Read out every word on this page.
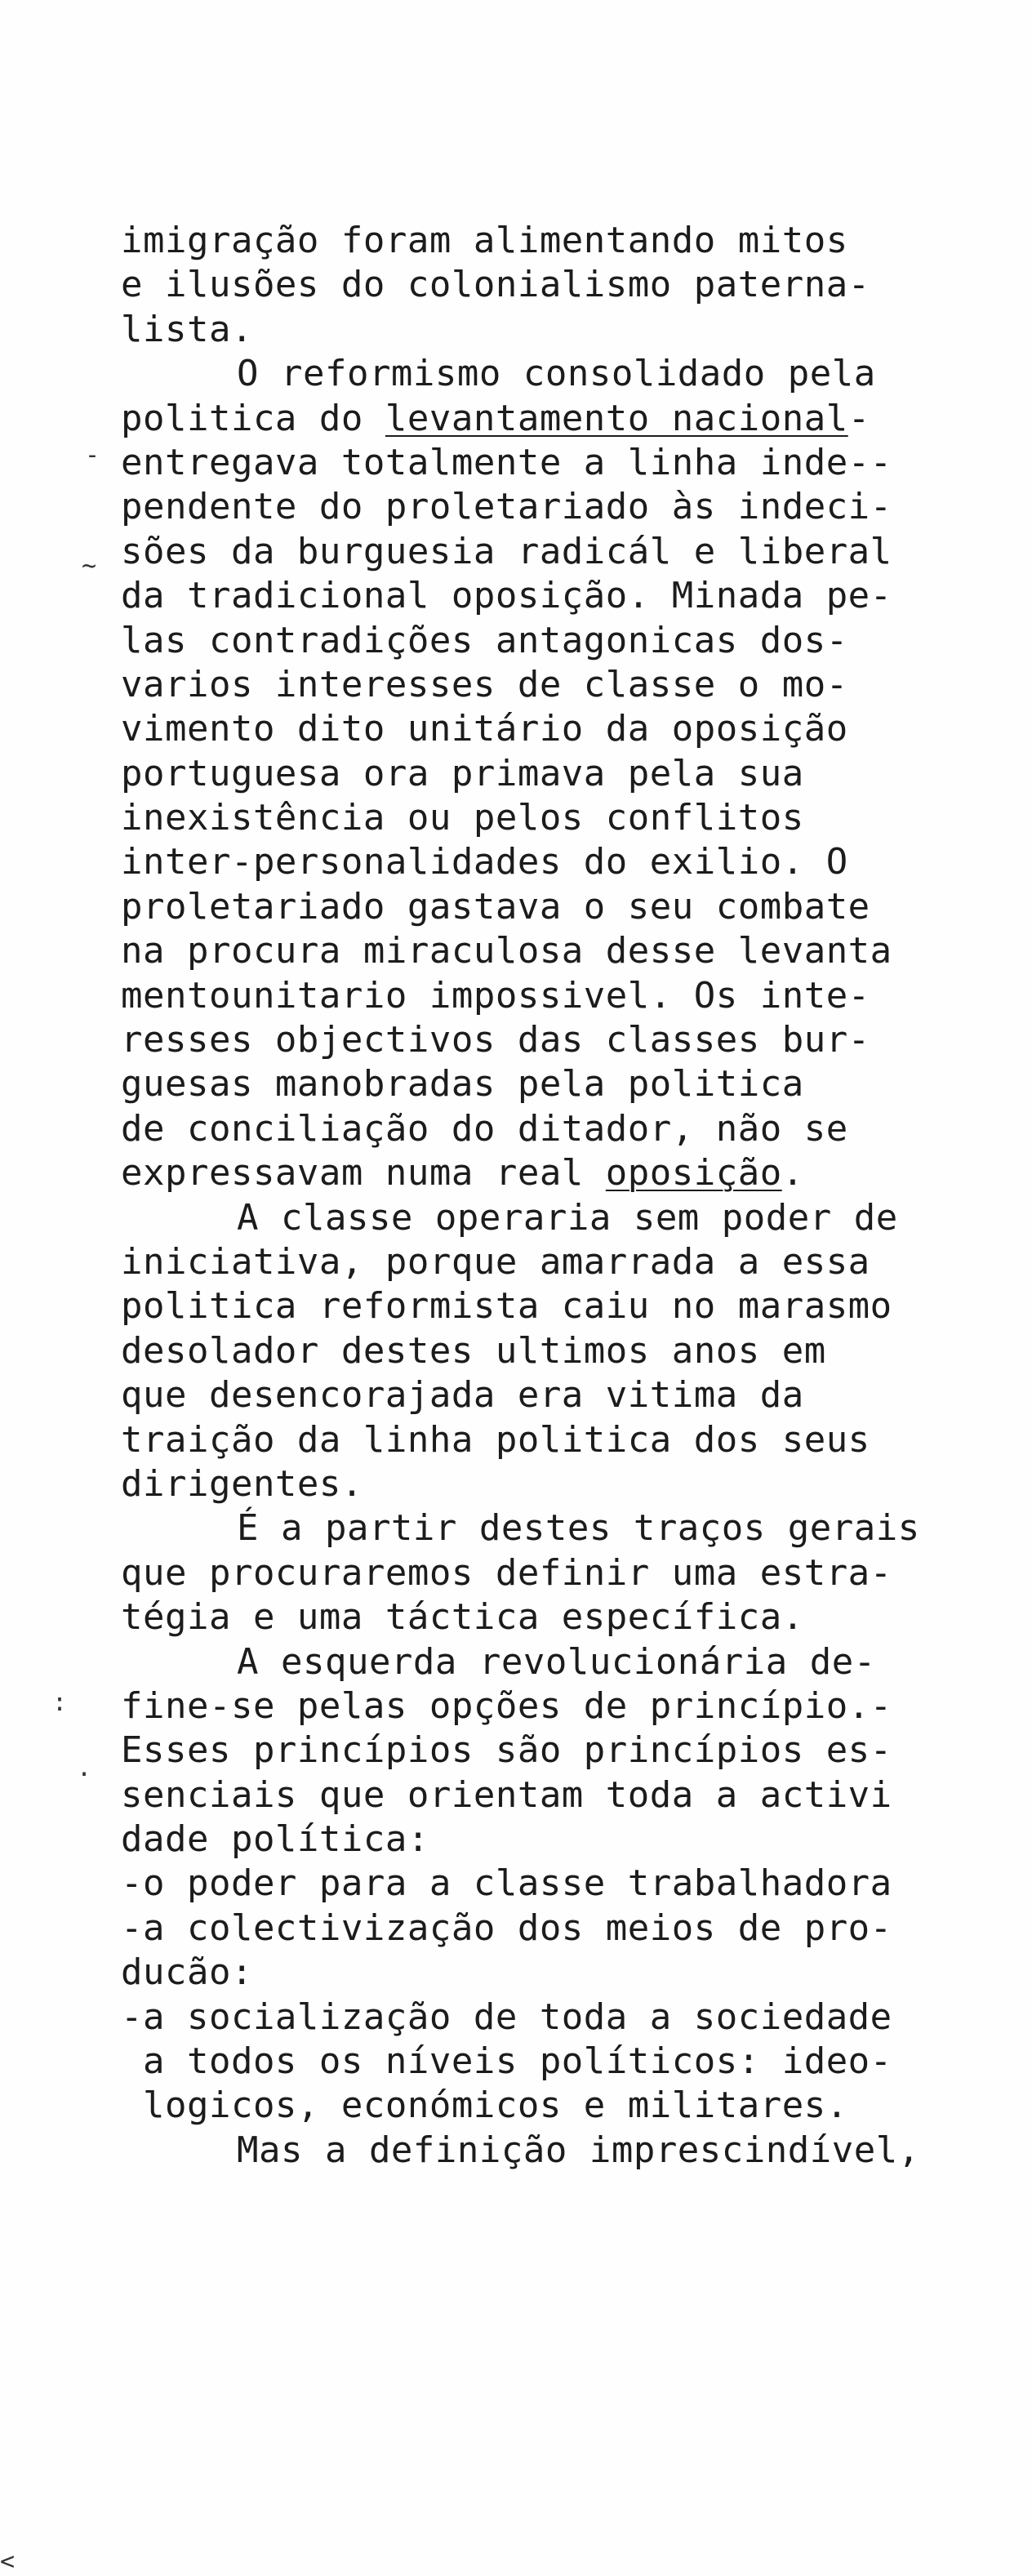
-
~
:
.
<
imigração foram alimentando mitos
e ilusões do colonialismo paterna-
lista.
O reformismo consolidado pela
politica do levantamento nacional-
entregava totalmente a linha inde--
pendente do proletariado às indeci-
sões da burguesia radicál e liberal
da tradicional oposição. Minada pe-
las contradições antagonicas dos-
varios interesses de classe o mo-
vimento dito unitário da oposição
portuguesa ora primava pela sua
inexistência ou pelos conflitos
inter-personalidades do exilio. O
proletariado gastava o seu combate
na procura miraculosa desse levanta
mentounitario impossivel. Os inte-
resses objectivos das classes bur-
guesas manobradas pela politica
de conciliação do ditador, não se
expressavam numa real oposição.
A classe operaria sem poder de
iniciativa, porque amarrada a essa
politica reformista caiu no marasmo
desolador destes ultimos anos em
que desencorajada era vitima da
traição da linha politica dos seus
dirigentes.
É a partir destes traços gerais
que procuraremos definir uma estra-
tégia e uma táctica específica.
A esquerda revolucionária de-
fine-se pelas opções de princípio.-
Esses princípios são princípios es-
senciais que orientam toda a activi
dade política:
-o poder para a classe trabalhadora
-a colectivização dos meios de pro-
ducão:
-a socialização de toda a sociedade
a todos os níveis políticos: ideo-
logicos, económicos e militares.
Mas a definição imprescindível,
